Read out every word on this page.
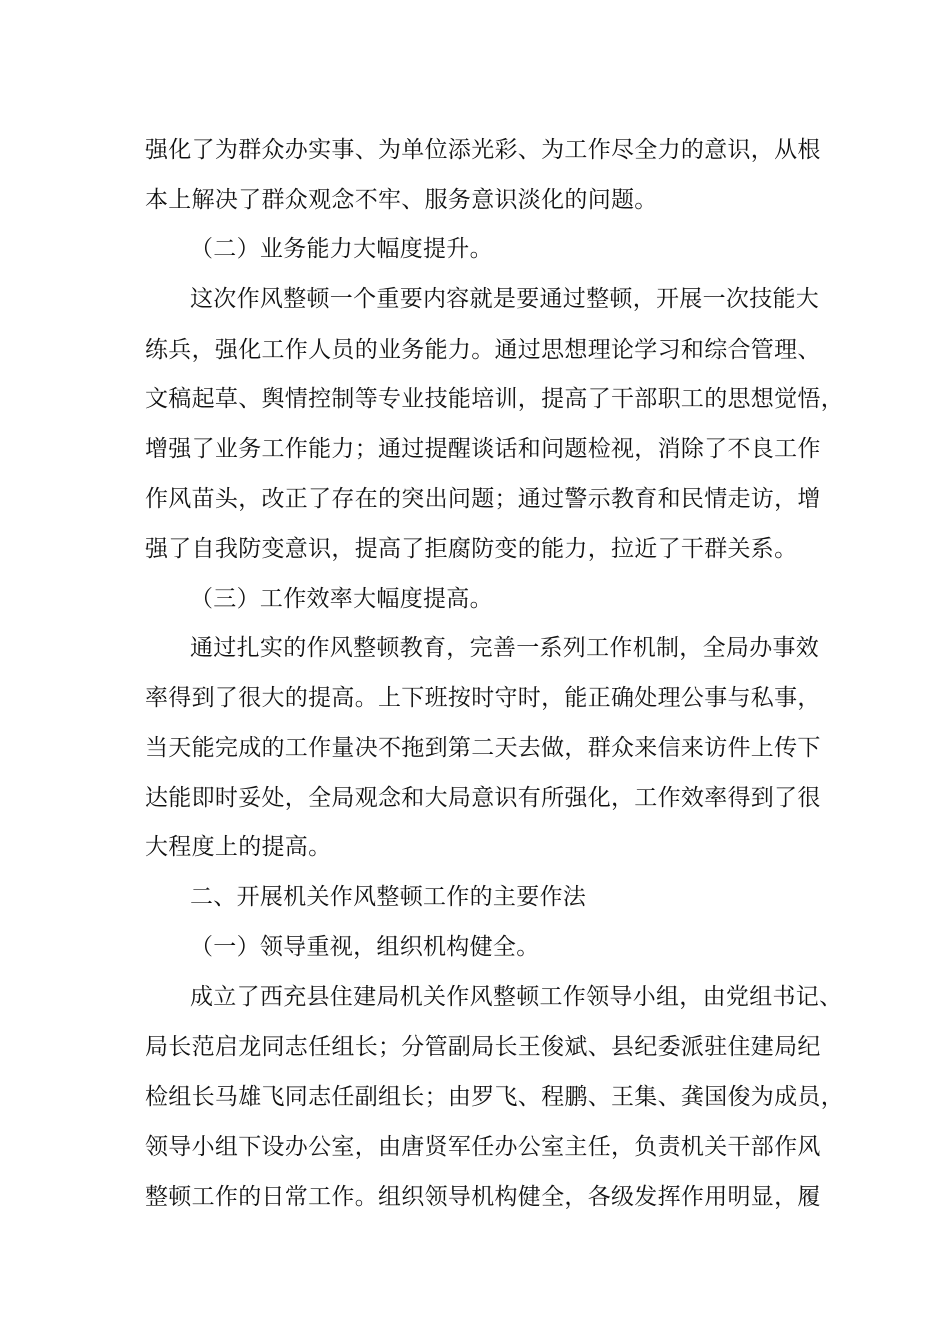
强化了为群众办实事、为单位添光彩、为工作尽全力的意识，从根
本上解决了群众观念不牢、服务意识淡化的问题。
（二）业务能力大幅度提升。
这次作风整顿一个重要内容就是要通过整顿，开展一次技能大
练兵，强化工作人员的业务能力。通过思想理论学习和综合管理、
文稿起草、舆情控制等专业技能培训，提高了干部职工的思想觉悟，
增强了业务工作能力；通过提醒谈话和问题检视，消除了不良工作
作风苗头，改正了存在的突出问题；通过警示教育和民情走访，增
强了自我防变意识，提高了拒腐防变的能力，拉近了干群关系。
（三）工作效率大幅度提高。
通过扎实的作风整顿教育，完善一系列工作机制，全局办事效
率得到了很大的提高。上下班按时守时，能正确处理公事与私事，
当天能完成的工作量决不拖到第二天去做，群众来信来访件上传下
达能即时妥处，全局观念和大局意识有所强化，工作效率得到了很
大程度上的提高。
二、开展机关作风整顿工作的主要作法
（一）领导重视，组织机构健全。
成立了西充县住建局机关作风整顿工作领导小组，由党组书记、
局长范启龙同志任组长；分管副局长王俊斌、县纪委派驻住建局纪
检组长马雄飞同志任副组长；由罗飞、程鹏、王集、龚国俊为成员，
领导小组下设办公室，由唐贤军任办公室主任，负责机关干部作风
整顿工作的日常工作。组织领导机构健全，各级发挥作用明显，履
